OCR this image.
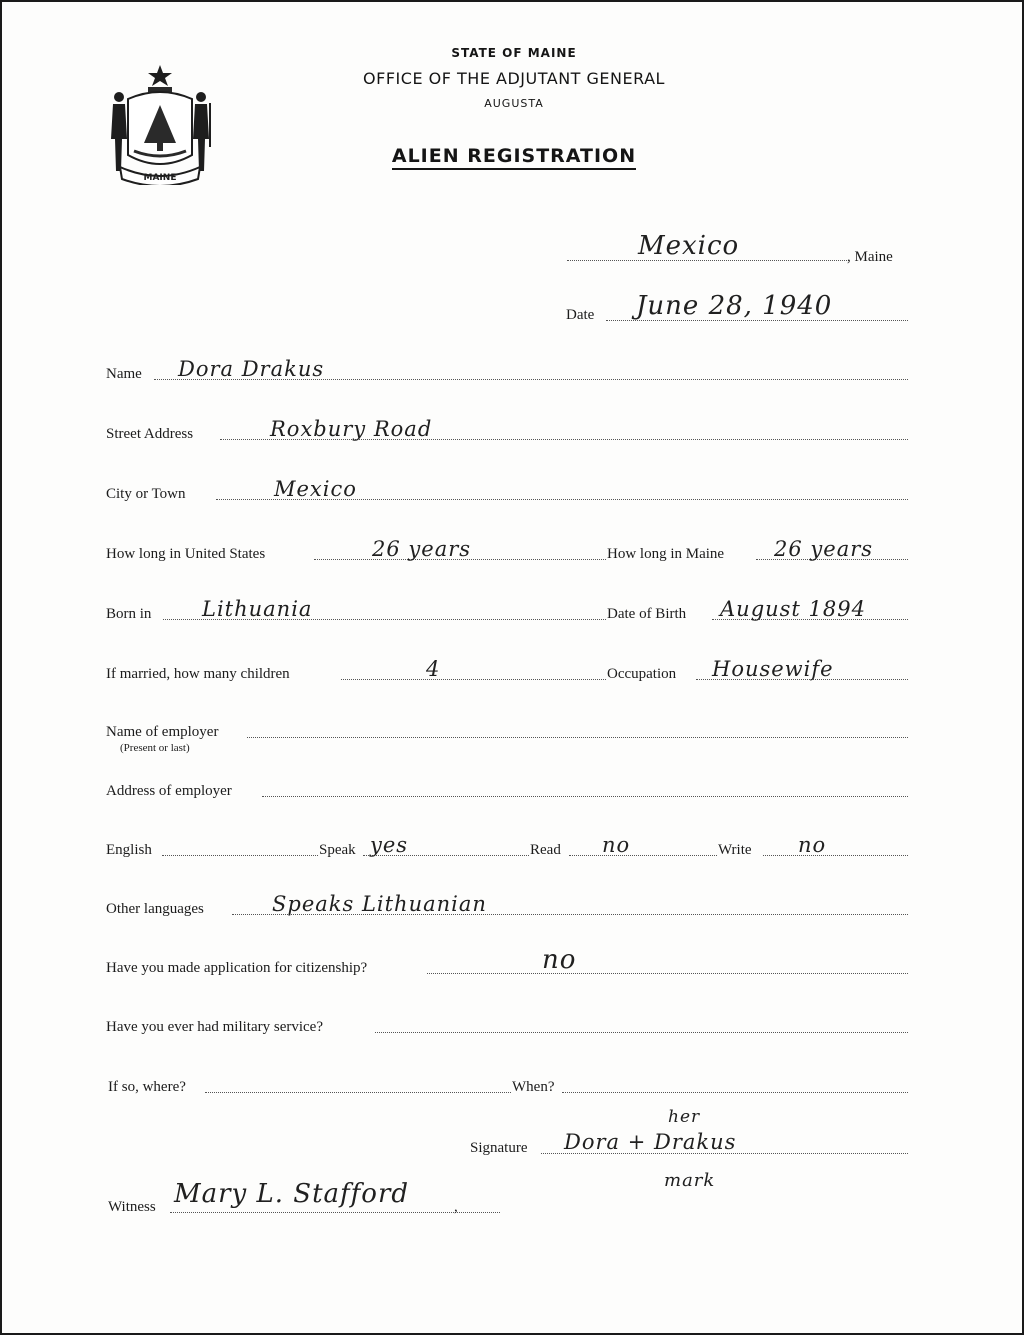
MAINE
STATE OF MAINE
OFFICE OF THE ADJUTANT GENERAL
AUGUSTA
ALIEN REGISTRATION
Mexico	, Maine
Date June 28, 1940
Name Dora Drakus
Street Address	Roxbury Road
City or Town	Mexico
How long in United States	26 years	How long in Maine 26 years
Born in Lithuania	Date of Birth August 1894
If married, how many children	4	Occupation Housewife
Name of employer
(Present or last)
Address of employer
English	Speak yes	Read no	Write no
Other languages	Speaks Lithuanian
Have you made application for citizenship?	no
Have you ever had military service?
If so, where?	When?
her
Signature Dora + Drakus
mark
Witness Mary L. Stafford	,
